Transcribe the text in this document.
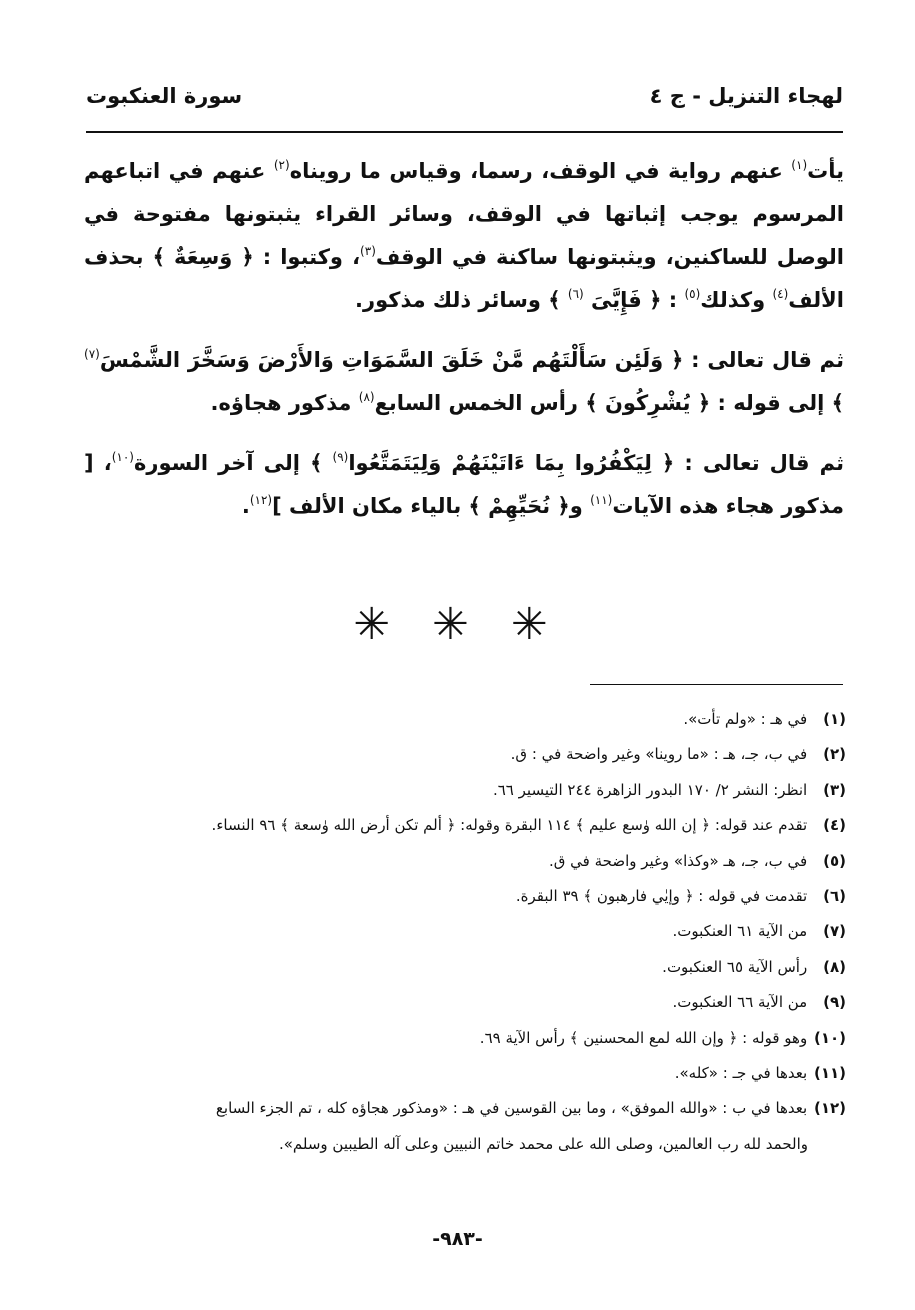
لهجاء التنزيل - ج ٤
سورة العنكبوت

يأت$^{(١)}$ عنهم رواية في الوقف، رسما، وقياس ما رويناه$^{(٢)}$ عنهم في اتباعهم المرسوم يوجب إثباتها في الوقف، وسائر القراء يثبتونها مفتوحة في الوصل للساكنين، ويثبتونها ساكنة في الوقف$^{(٣)}$، وكتبوا : ﴿ وَسِعَةٌ ﴾ بحذف الألف$^{(٤)}$ وكذلك$^{(٥)}$ : ﴿ فَإِيَّىَ $^{(٦)}$ ﴾ وسائر ذلك مذكور.

ثم قال تعالى : ﴿ وَلَئِن سَأَلْتَهُم مَّنْ خَلَقَ السَّمَوَاتِ وَالأَرْضَ وَسَخَّرَ الشَّمْسَ$^{(٧)}$ ﴾ إلى قوله : ﴿ يُشْرِكُونَ ﴾ رأس الخمس السابع$^{(٨)}$ مذكور هجاؤه.

ثم قال تعالى : ﴿ لِيَكْفُرُوا بِمَا ءَاتَيْنَهُمْ وَلِيَتَمَتَّعُوا$^{(٩)}$ ﴾ إلى آخر السورة$^{(١٠)}$، [ مذكور هجاء هذه الآيات$^{(١١)}$ و﴿ نُحَيِّهِمْ ﴾ بالياء مكان الألف ]$^{(١٢)}$.

✳ ✳ ✳
(١) في هـ : «ولم تأت».
(٢) في ب، جـ، هـ : «ما روينا» وغير واضحة في : ق.
(٣) انظر: النشر ٢/ ١٧٠ البدور الزاهرة ٢٤٤ التيسير ٦٦.
(٤) تقدم عند قوله: ﴿ إن الله وٰسع عليم ﴾ ١١٤ البقرة وقوله: ﴿ ألم تكن أرض الله وٰسعة ﴾ ٩٦ النساء.
(٥) في ب، جـ، هـ «وكذا» وغير واضحة في ق.
(٦) تقدمت في قوله : ﴿ وإيٰي فارهبون ﴾ ٣٩ البقرة.
(٧) من الآية ٦١ العنكبوت.
(٨) رأس الآية ٦٥ العنكبوت.
(٩) من الآية ٦٦ العنكبوت.
(١٠) وهو قوله : ﴿ وإن الله لمع المحسنين ﴾ رأس الآية ٦٩.
(١١) بعدها في جـ : «كله».
(١٢) بعدها في ب : «والله الموفق» ، وما بين القوسين في هـ : «ومذكور هجاؤه كله ، تم الجزء السابع
والحمد لله رب العالمين، وصلى الله على محمد خاتم النبيين وعلى آله الطيبين وسلم».
-٩٨٣-
